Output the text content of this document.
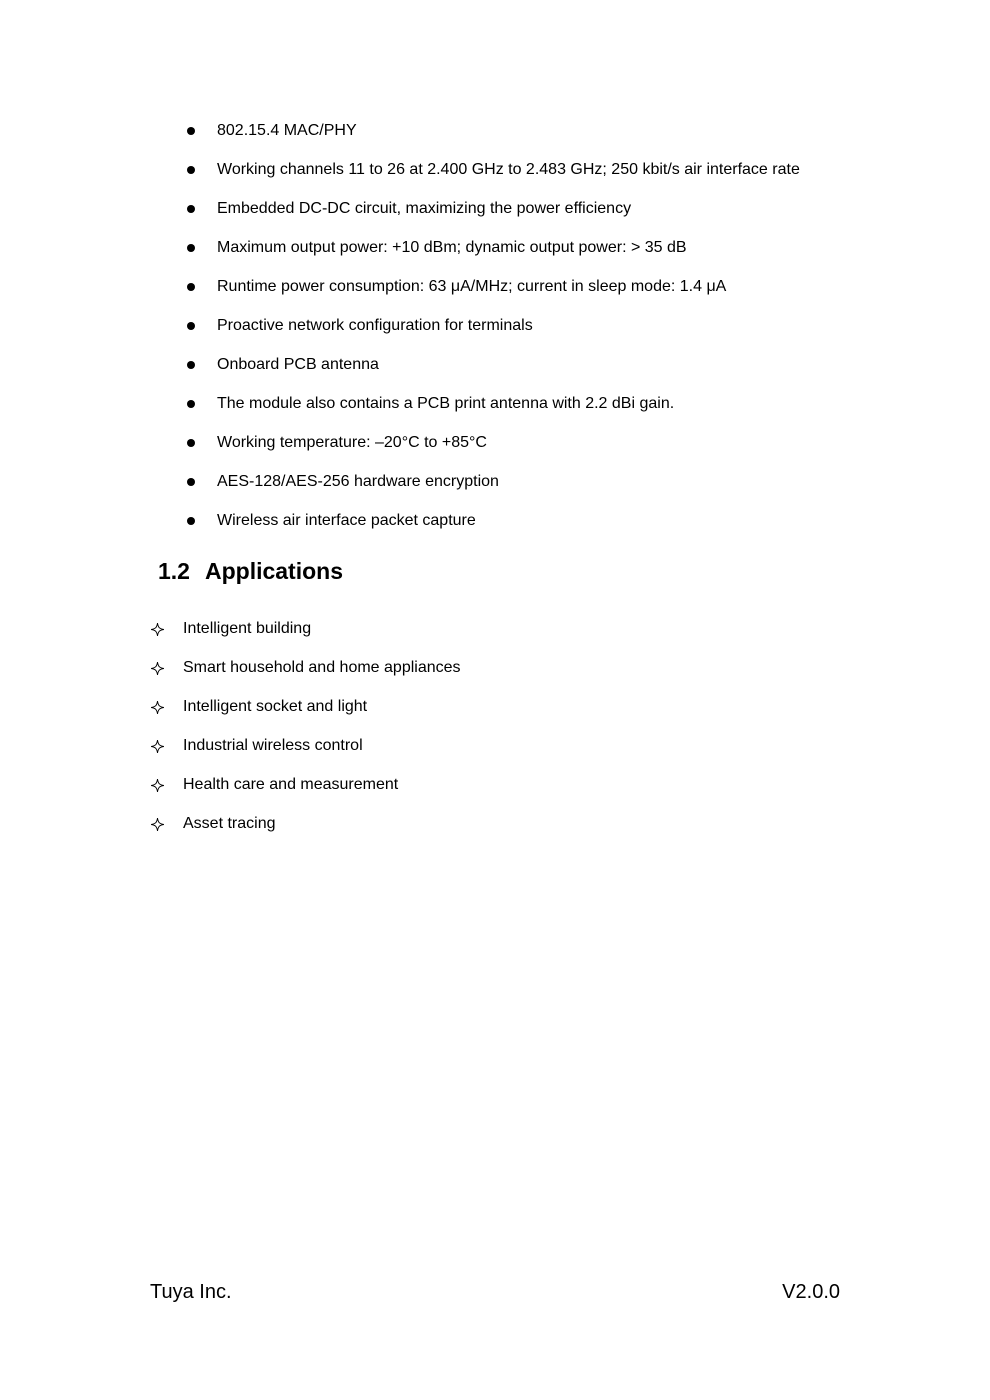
802.15.4 MAC/PHY
Working channels 11 to 26 at 2.400 GHz to 2.483 GHz; 250 kbit/s air interface rate
Embedded DC-DC circuit, maximizing the power efficiency
Maximum output power: +10 dBm; dynamic output power: > 35 dB
Runtime power consumption: 63 μA/MHz; current in sleep mode: 1.4 μA
Proactive network configuration for terminals
Onboard PCB antenna
The module also contains a PCB print antenna with 2.2 dBi gain.
Working temperature: –20°C to +85°C
AES-128/AES-256 hardware encryption
Wireless air interface packet capture
1.2 Applications
Intelligent building
Smart household and home appliances
Intelligent socket and light
Industrial wireless control
Health care and measurement
Asset tracing
Tuya Inc.	V2.0.0
